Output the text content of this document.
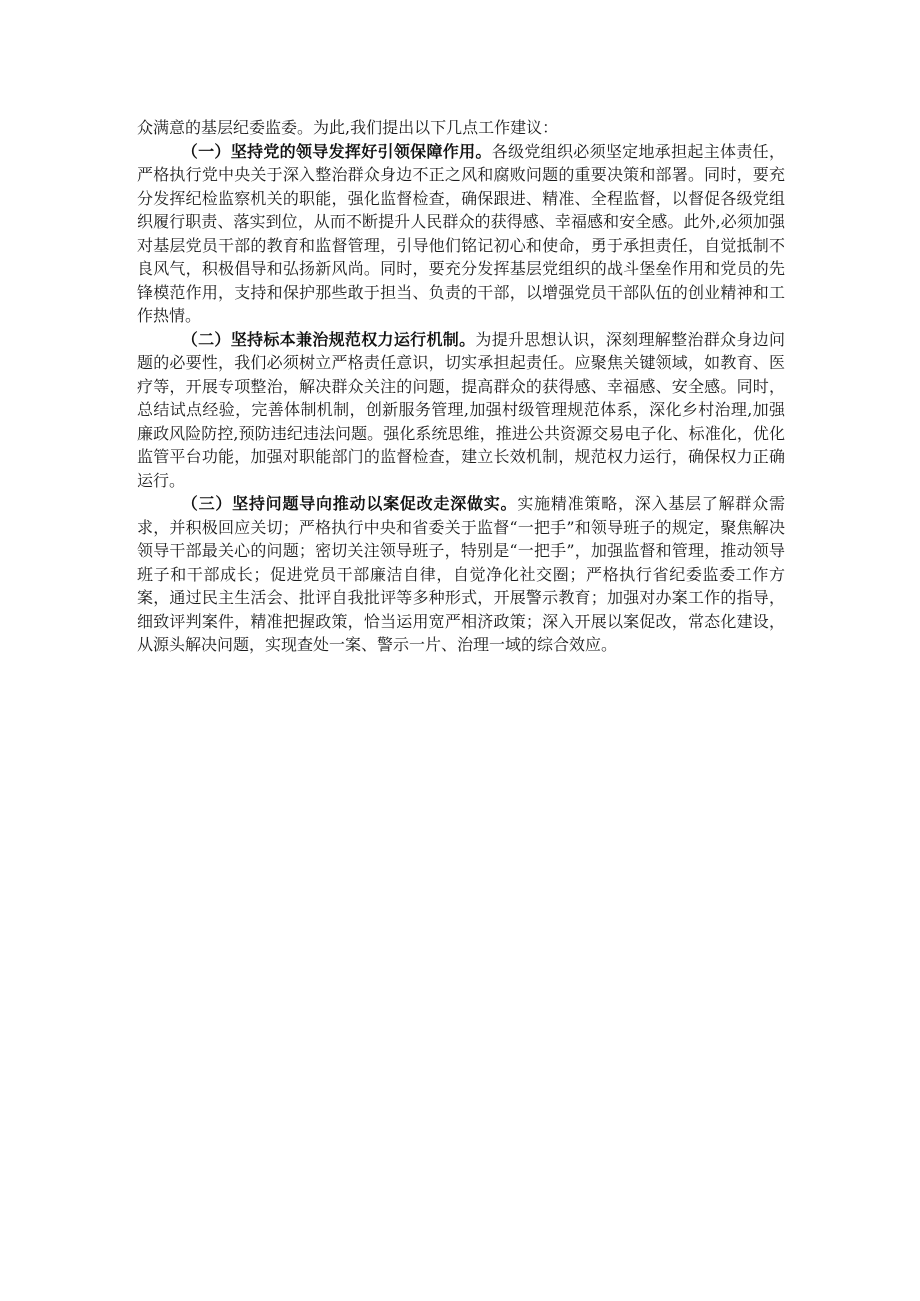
众满意的基层纪委监委。为此,我们提出以下几点工作建议：

（一）坚持党的领导发挥好引领保障作用。各级党组织必须坚定地承担起主体责任，严格执行党中央关于深入整治群众身边不正之风和腐败问题的重要决策和部署。同时，要充分发挥纪检监察机关的职能，强化监督检查，确保跟进、精准、全程监督，以督促各级党组织履行职责、落实到位，从而不断提升人民群众的获得感、幸福感和安全感。此外,必须加强对基层党员干部的教育和监督管理，引导他们铭记初心和使命，勇于承担责任，自觉抵制不良风气，积极倡导和弘扬新风尚。同时，要充分发挥基层党组织的战斗堡垒作用和党员的先锋模范作用，支持和保护那些敢于担当、负责的干部，以增强党员干部队伍的创业精神和工作热情。

（二）坚持标本兼治规范权力运行机制。为提升思想认识，深刻理解整治群众身边问题的必要性，我们必须树立严格责任意识，切实承担起责任。应聚焦关键领域，如教育、医疗等，开展专项整治，解决群众关注的问题，提高群众的获得感、幸福感、安全感。同时，总结试点经验，完善体制机制，创新服务管理,加强村级管理规范体系，深化乡村治理,加强廉政风险防控,预防违纪违法问题。强化系统思维，推进公共资源交易电子化、标准化，优化监管平台功能，加强对职能部门的监督检查，建立长效机制，规范权力运行，确保权力正确运行。

（三）坚持问题导向推动以案促改走深做实。实施精准策略，深入基层了解群众需求，并积极回应关切；严格执行中央和省委关于监督“一把手”和领导班子的规定，聚焦解决领导干部最关心的问题；密切关注领导班子，特别是“一把手”，加强监督和管理，推动领导班子和干部成长；促进党员干部廉洁自律，自觉净化社交圈；严格执行省纪委监委工作方案，通过民主生活会、批评自我批评等多种形式，开展警示教育；加强对办案工作的指导，细致评判案件，精准把握政策，恰当运用宽严相济政策；深入开展以案促改，常态化建设，从源头解决问题，实现查处一案、警示一片、治理一域的综合效应。
